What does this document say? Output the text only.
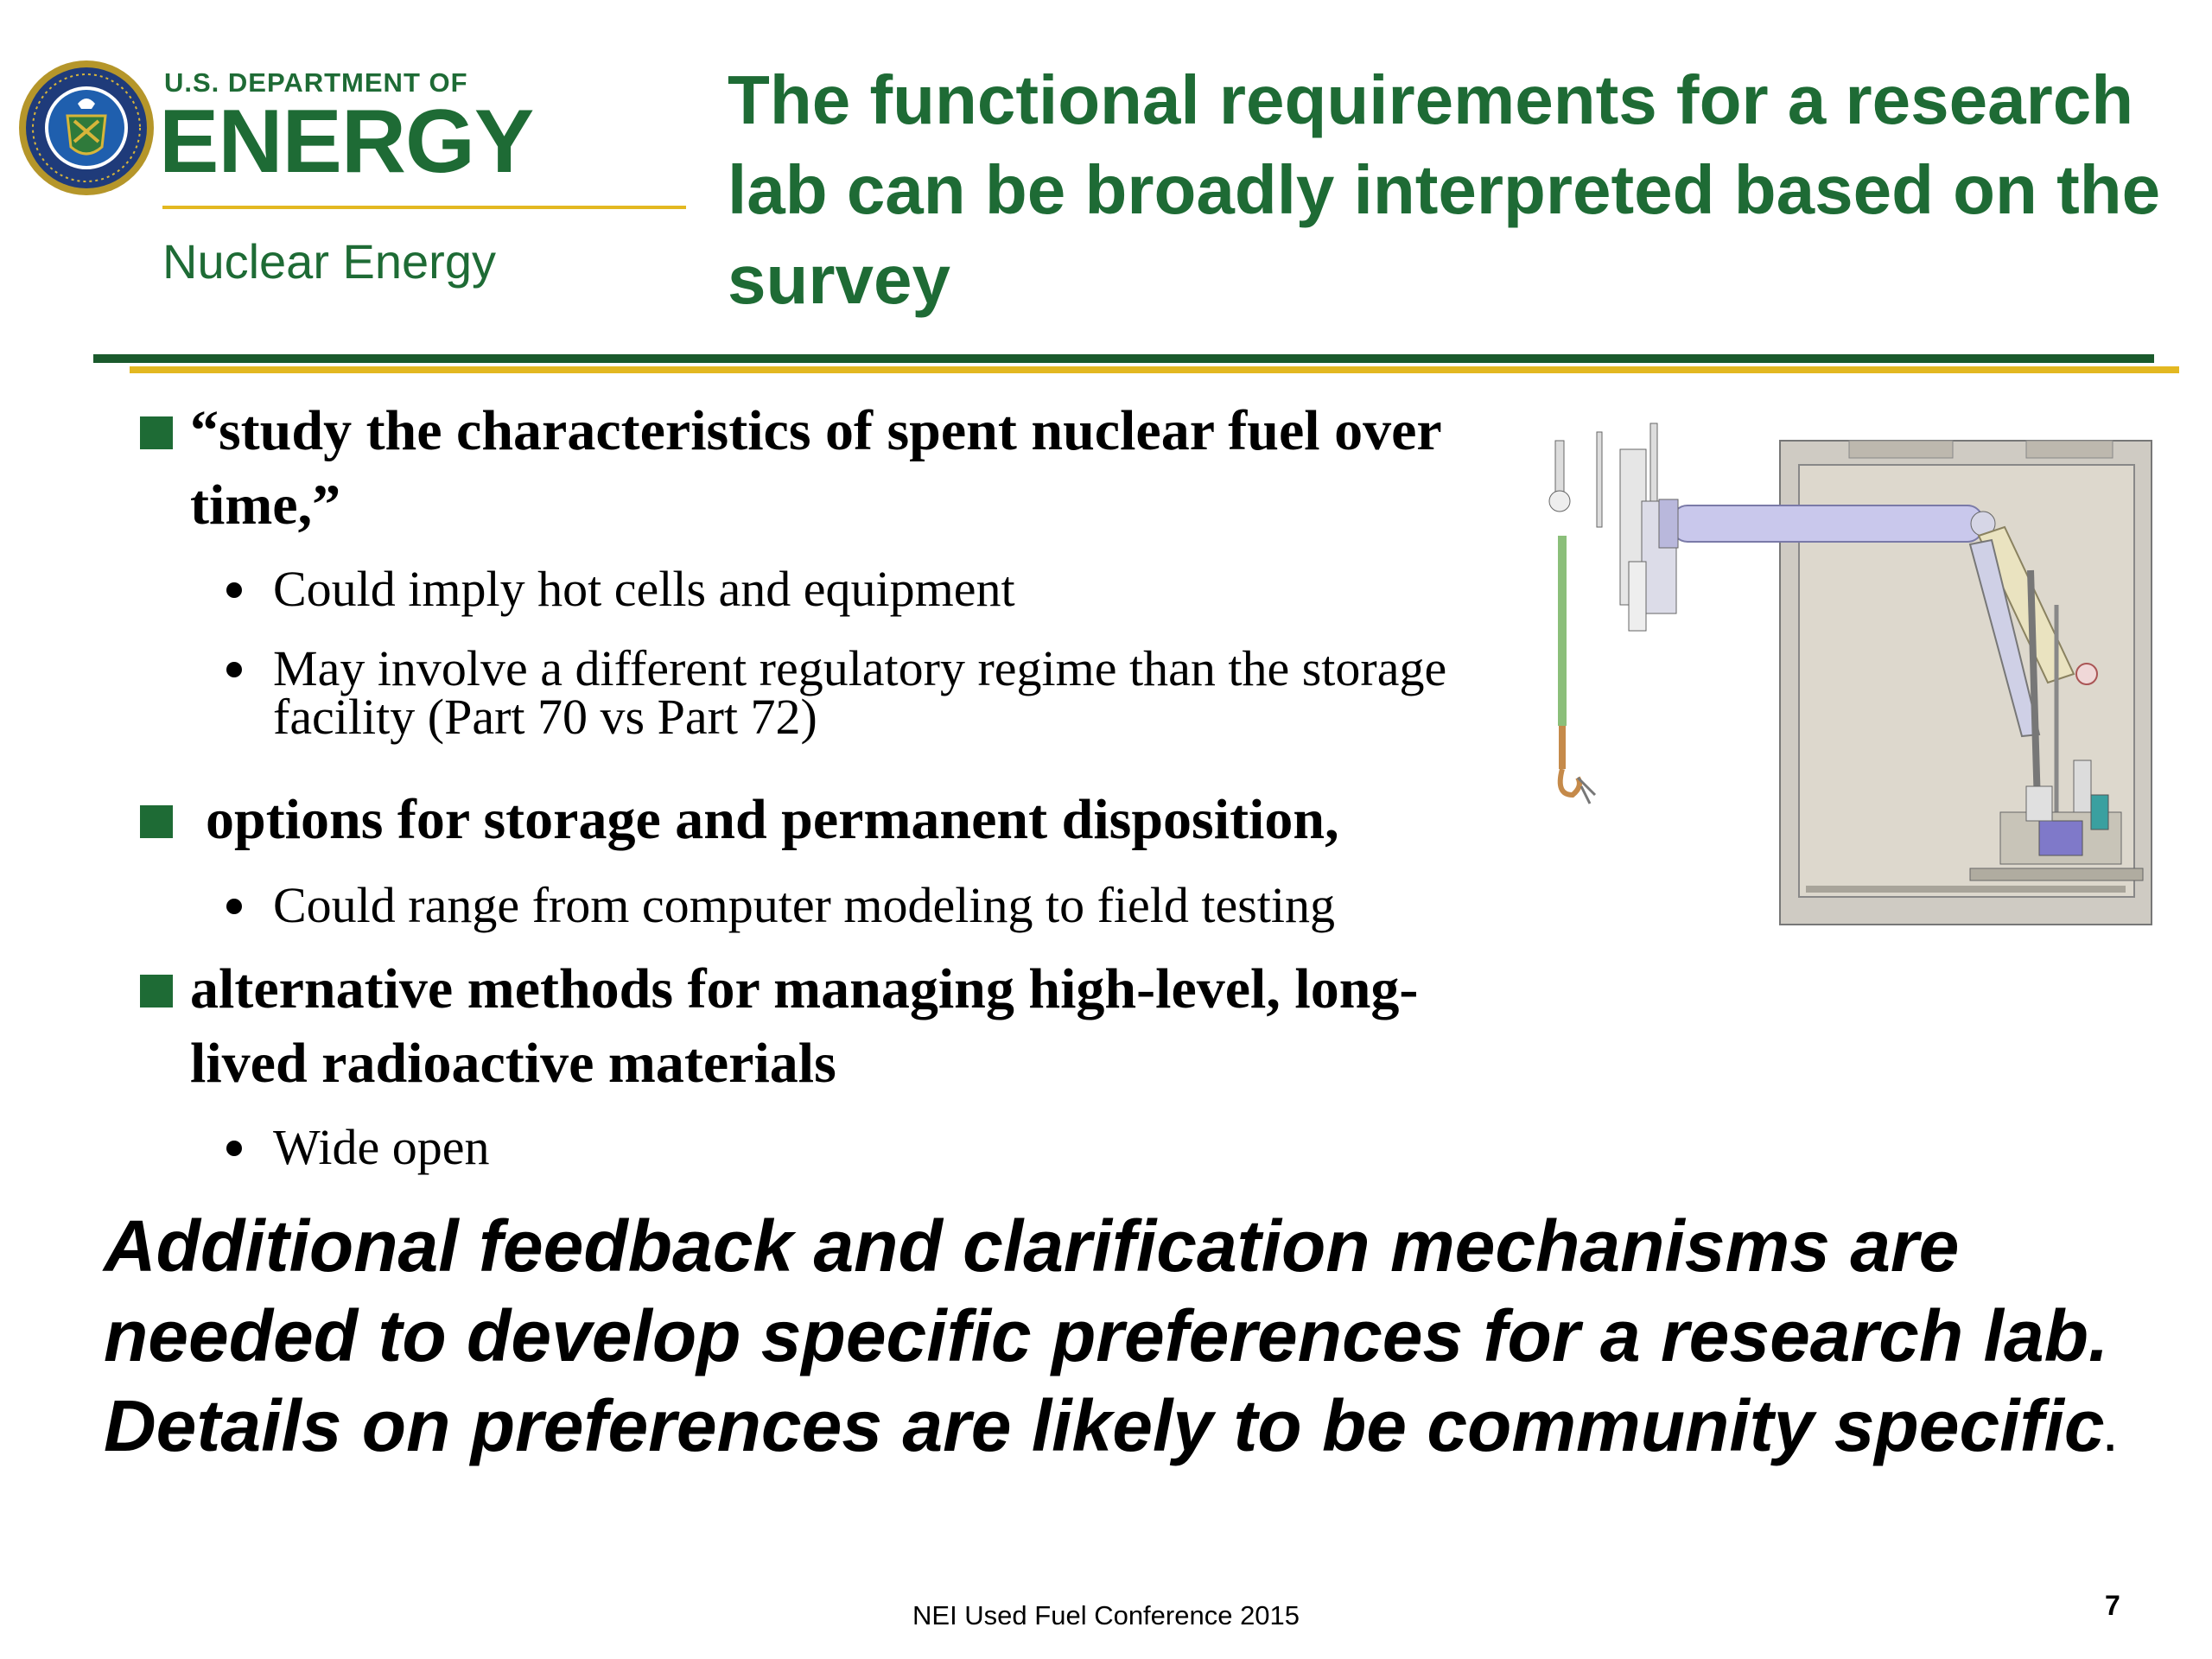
U.S. DEPARTMENT OF
ENERGY
Nuclear Energy
The functional requirements for a research lab can be broadly interpreted based on the survey
“study the characteristics of spent nuclear fuel over time,”
Could imply hot cells and equipment
May involve a different regulatory regime than the storage facility (Part 70 vs Part 72)
options for storage and permanent disposition,
Could range from computer modeling to field testing
alternative methods for managing high-level, long-lived radioactive materials
Wide open
Additional feedback and clarification mechanisms are needed to develop specific preferences for a research lab. Details on preferences are likely to be community specific.
NEI Used Fuel Conference 2015	7
